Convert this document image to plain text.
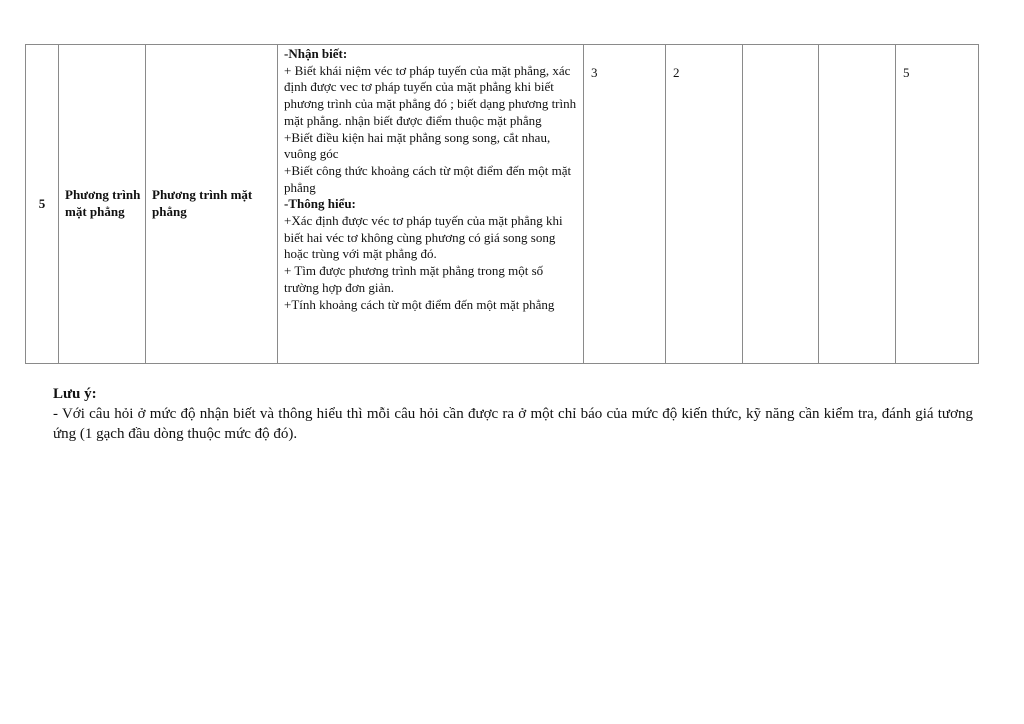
5	Phương trình mặt phẳng	Phương trình mặt phẳng	
-Nhận biết:
+ Biết khái niệm véc tơ pháp tuyến của mặt phẳng, xác định được vec tơ pháp tuyến của mặt phẳng khi biết phương trình của mặt phẳng đó ; biết dạng phương trình mặt phẳng. nhận biết được điểm thuộc mặt phẳng
+Biết điều kiện hai mặt phẳng song song, cắt nhau, vuông góc
+Biết công thức khoảng cách từ một điểm đến một mặt phẳng
-Thông hiểu:
+Xác định được véc tơ pháp tuyến của mặt phẳng khi biết hai véc tơ không cùng phương có giá song song hoặc trùng với mặt phẳng đó.
+ Tìm được phương trình mặt phẳng trong một số trường hợp đơn giản.
+Tính khoảng cách từ một điểm đến một mặt phẳng
	3	2			5
Lưu ý:
- Với câu hỏi ở mức độ nhận biết và thông hiểu thì mỗi câu hỏi cần được ra ở một chỉ báo của mức độ kiến thức, kỹ năng cần kiểm tra, đánh giá tương ứng (1 gạch đầu dòng thuộc mức độ đó).
